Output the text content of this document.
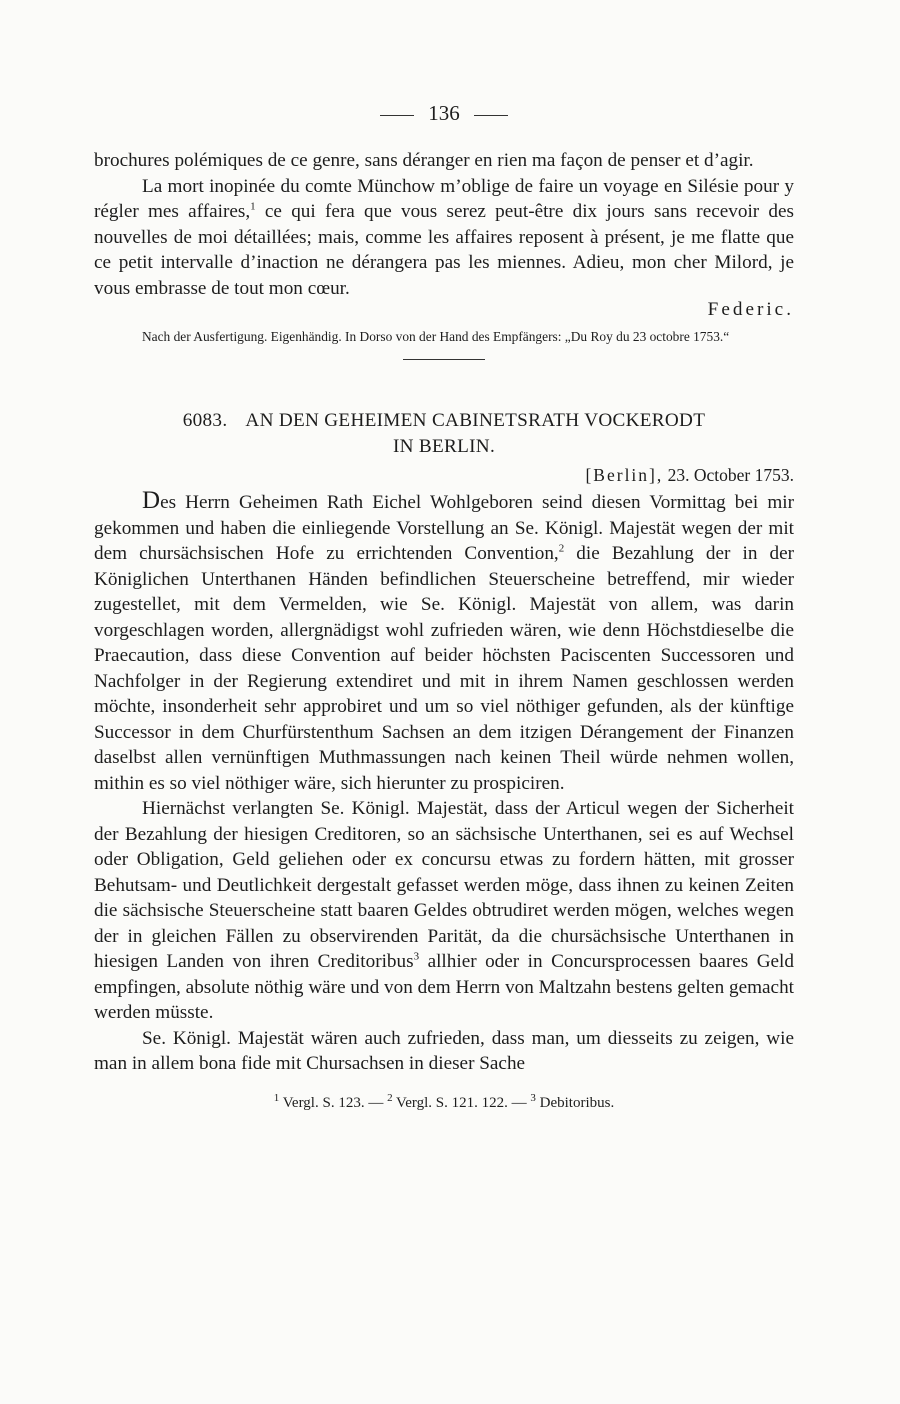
136

brochures polémiques de ce genre, sans déranger en rien ma façon de penser et d’agir.

La mort inopinée du comte Münchow m’oblige de faire un voyage en Silésie pour y régler mes affaires,$^1$ ce qui fera que vous serez peut-être dix jours sans recevoir des nouvelles de moi détaillées; mais, comme les affaires reposent à présent, je me flatte que ce petit intervalle d’inaction ne dérangera pas les miennes. Adieu, mon cher Milord, je vous embrasse de tout mon cœur.

Federic.
Nach der Ausfertigung. Eigenhändig. In Dorso von der Hand des Empfängers: „Du Roy du 23 octobre 1753.“
6083. AN DEN GEHEIMEN CABINETSRATH VOCKERODT
IN BERLIN.
[Berlin], 23. October 1753.

Des Herrn Geheimen Rath Eichel Wohlgeboren seind diesen Vormittag bei mir gekommen und haben die einliegende Vorstellung an Se. Königl. Majestät wegen der mit dem chursächsischen Hofe zu errichtenden Convention,$^2$ die Bezahlung der in der Königlichen Unterthanen Händen befindlichen Steuerscheine betreffend, mir wieder zugestellet, mit dem Vermelden, wie Se. Königl. Majestät von allem, was darin vorgeschlagen worden, allergnädigst wohl zufrieden wären, wie denn Höchstdieselbe die Praecaution, dass diese Convention auf beider höchsten Paciscenten Successoren und Nachfolger in der Regierung extendiret und mit in ihrem Namen geschlossen werden möchte, insonderheit sehr approbiret und um so viel nöthiger gefunden, als der künftige Successor in dem Churfürstenthum Sachsen an dem itzigen Dérangement der Finanzen daselbst allen vernünftigen Muthmassungen nach keinen Theil würde nehmen wollen, mithin es so viel nöthiger wäre, sich hierunter zu prospiciren.

Hiernächst verlangten Se. Königl. Majestät, dass der Articul wegen der Sicherheit der Bezahlung der hiesigen Creditoren, so an sächsische Unterthanen, sei es auf Wechsel oder Obligation, Geld geliehen oder ex concursu etwas zu fordern hätten, mit grosser Behutsam- und Deutlichkeit dergestalt gefasset werden möge, dass ihnen zu keinen Zeiten die sächsische Steuerscheine statt baaren Geldes obtrudiret werden mögen, welches wegen der in gleichen Fällen zu observirenden Parität, da die chursächsische Unterthanen in hiesigen Landen von ihren Creditoribus$^3$ allhier oder in Concursprocessen baares Geld empfingen, absolute nöthig wäre und von dem Herrn von Maltzahn bestens gelten gemacht werden müsste.

Se. Königl. Majestät wären auch zufrieden, dass man, um diesseits zu zeigen, wie man in allem bona fide mit Chursachsen in dieser Sache

$^1$ Vergl. S. 123. — $^2$ Vergl. S. 121. 122. — $^3$ Debitoribus.
